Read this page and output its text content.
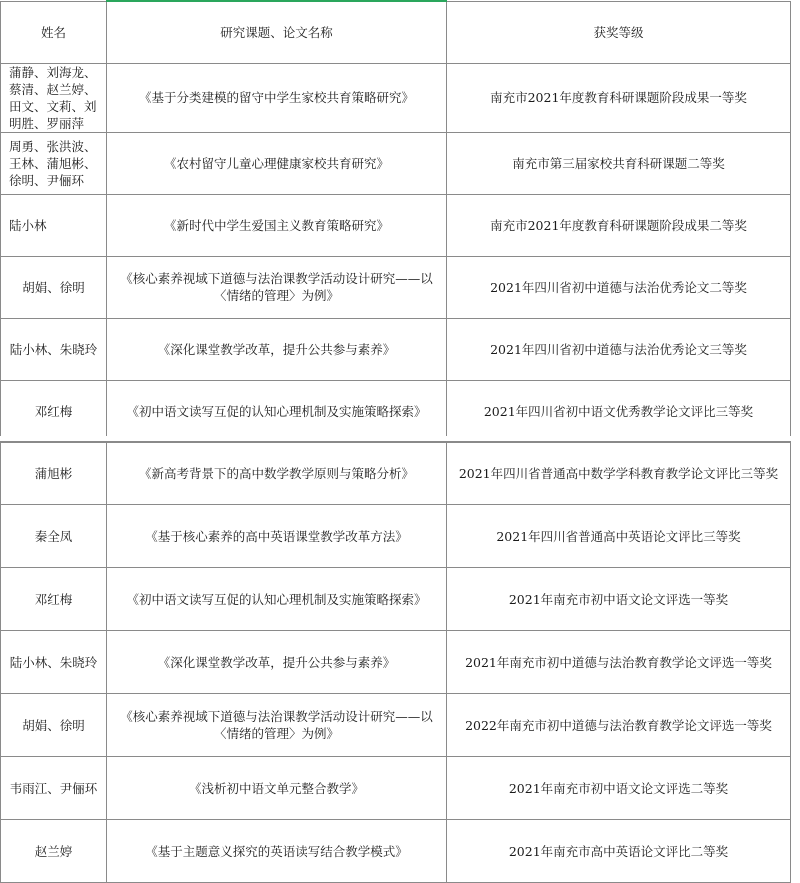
姓名	研究课题、论文名称	获奖等级
蒲静、刘海龙、蔡清、赵兰婷、田文、文莉、刘明胜、罗丽萍	《基于分类建模的留守中学生家校共育策略研究》	南充市2021年度教育科研课题阶段成果一等奖
周勇、张洪波、王林、蒲旭彬、徐明、尹俪环	《农村留守儿童心理健康家校共育研究》	南充市第三届家校共育科研课题二等奖
陆小林	《新时代中学生爱国主义教育策略研究》	南充市2021年度教育科研课题阶段成果二等奖
胡娟、徐明	《核心素养视域下道德与法治课教学活动设计研究——以〈情绪的管理〉为例》	2021年四川省初中道德与法治优秀论文二等奖
陆小林、朱晓玲	《深化课堂教学改革，提升公共参与素养》	2021年四川省初中道德与法治优秀论文三等奖
邓红梅	《初中语文读写互促的认知心理机制及实施策略探索》	2021年四川省初中语文优秀教学论文评比三等奖
蒲旭彬	《新高考背景下的高中数学教学原则与策略分析》	2021年四川省普通高中数学学科教育教学论文评比三等奖
秦全凤	《基于核心素养的高中英语课堂教学改革方法》	2021年四川省普通高中英语论文评比三等奖
邓红梅	《初中语文读写互促的认知心理机制及实施策略探索》	2021年南充市初中语文论文评选一等奖
陆小林、朱晓玲	《深化课堂教学改革，提升公共参与素养》	2021年南充市初中道德与法治教育教学论文评选一等奖
胡娟、徐明	《核心素养视域下道德与法治课教学活动设计研究——以〈情绪的管理〉为例》	2022年南充市初中道德与法治教育教学论文评选一等奖
韦雨江、尹俪环	《浅析初中语文单元整合教学》	2021年南充市初中语文论文评选二等奖
赵兰婷	《基于主题意义探究的英语读写结合教学模式》	2021年南充市高中英语论文评比二等奖
